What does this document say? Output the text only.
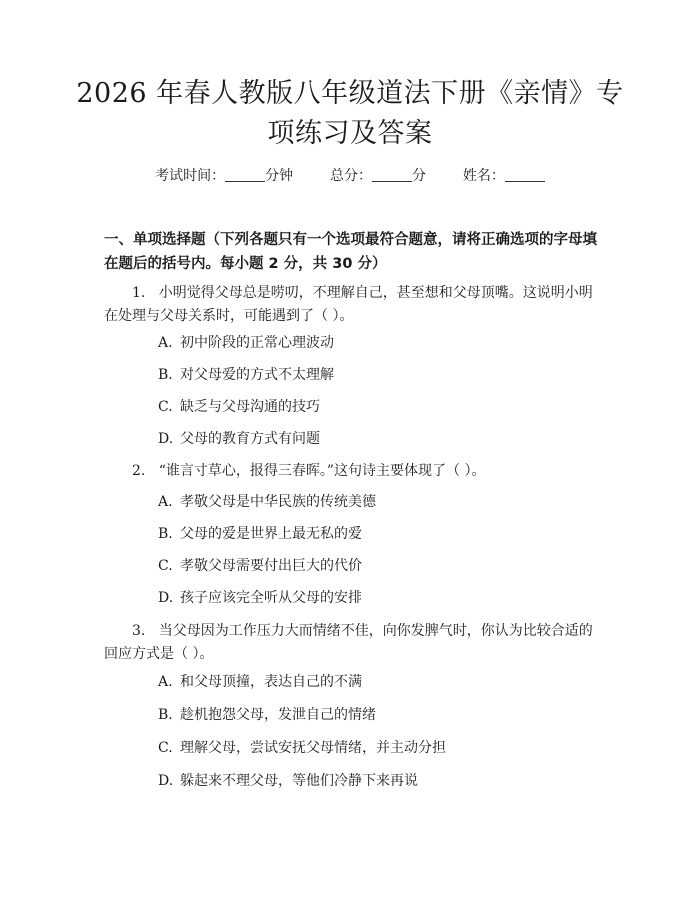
2026 年春人教版八年级道法下册《亲情》专
项练习及答案
考试时间：	分钟	总分：	分	姓名：
一、单项选择题（下列各题只有一个选项最符合题意，请将正确选项的字母填在题后的括号内。每小题 2 分，共 30 分）
1. 小明觉得父母总是唠叨，不理解自己，甚至想和父母顶嘴。这说明小明在处理与父母关系时，可能遇到了（ ）。
A. 初中阶段的正常心理波动
B. 对父母爱的方式不太理解
C. 缺乏与父母沟通的技巧
D. 父母的教育方式有问题
2. “谁言寸草心，报得三春晖。”这句诗主要体现了（ ）。
A. 孝敬父母是中华民族的传统美德
B. 父母的爱是世界上最无私的爱
C. 孝敬父母需要付出巨大的代价
D. 孩子应该完全听从父母的安排
3. 当父母因为工作压力大而情绪不佳，向你发脾气时，你认为比较合适的回应方式是（ ）。
A. 和父母顶撞，表达自己的不满
B. 趁机抱怨父母，发泄自己的情绪
C. 理解父母，尝试安抚父母情绪，并主动分担
D. 躲起来不理父母，等他们冷静下来再说
